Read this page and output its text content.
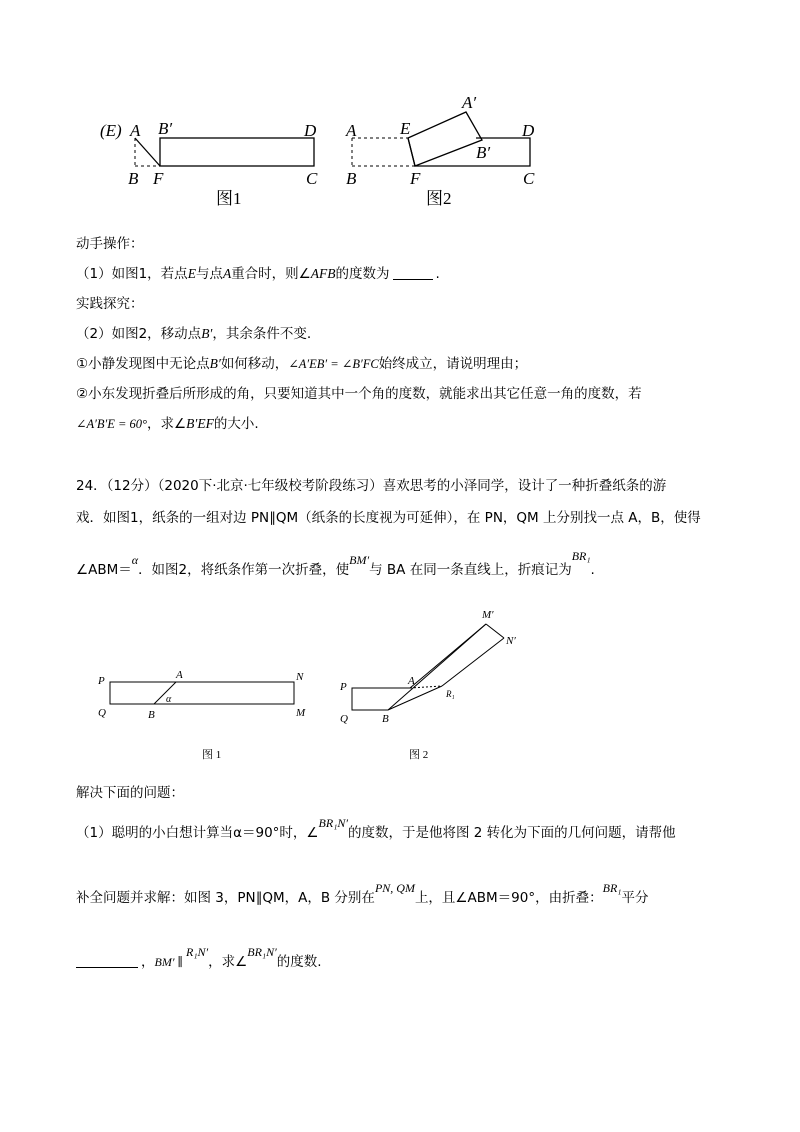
(E) A B′	D
B F	C
图1
A	E
A′
D
B′
B	F	C
图2
动手操作：
（1）如图1，若点E与点A重合时，则∠AFB的度数为	.
实践探究：
（2）如图2，移动点B′，其余条件不变.
①小静发现图中无论点B′如何移动，∠A′EB′ = ∠B′FC始终成立，请说明理由；
②小东发现折叠后所形成的角，只要知道其中一个角的度数，就能求出其它任意一角的度数，若
∠A′B′E = 60°，求∠B′EF的大小.
24．（12分）（2020下·北京·七年级校考阶段练习）喜欢思考的小泽同学，设计了一种折叠纸条的游
戏．如图1，纸条的一组对边 PN∥QM（纸条的长度视为可延伸），在 PN，QM 上分别找一点 A，B，使得
∠ABM＝α．如图2，将纸条作第一次折叠，使BM′与 BA 在同一条直线上，折痕记为BR₁.
P	A	N
α
Q	B	M
图 1
M′
N′
P	A
R₁
Q	B
图 2
解决下面的问题：
（1）聪明的小白想计算当α＝90°时，∠BR₁N′的度数，于是他将图 2 转化为下面的几何问题，请帮他
补全问题并求解：如图 3，PN∥QM，A，B 分别在PN, QM上，且∠ABM＝90°，由折叠：BR₁平分
，BM′ ∥R₁N′，求∠BR₁N′的度数.
